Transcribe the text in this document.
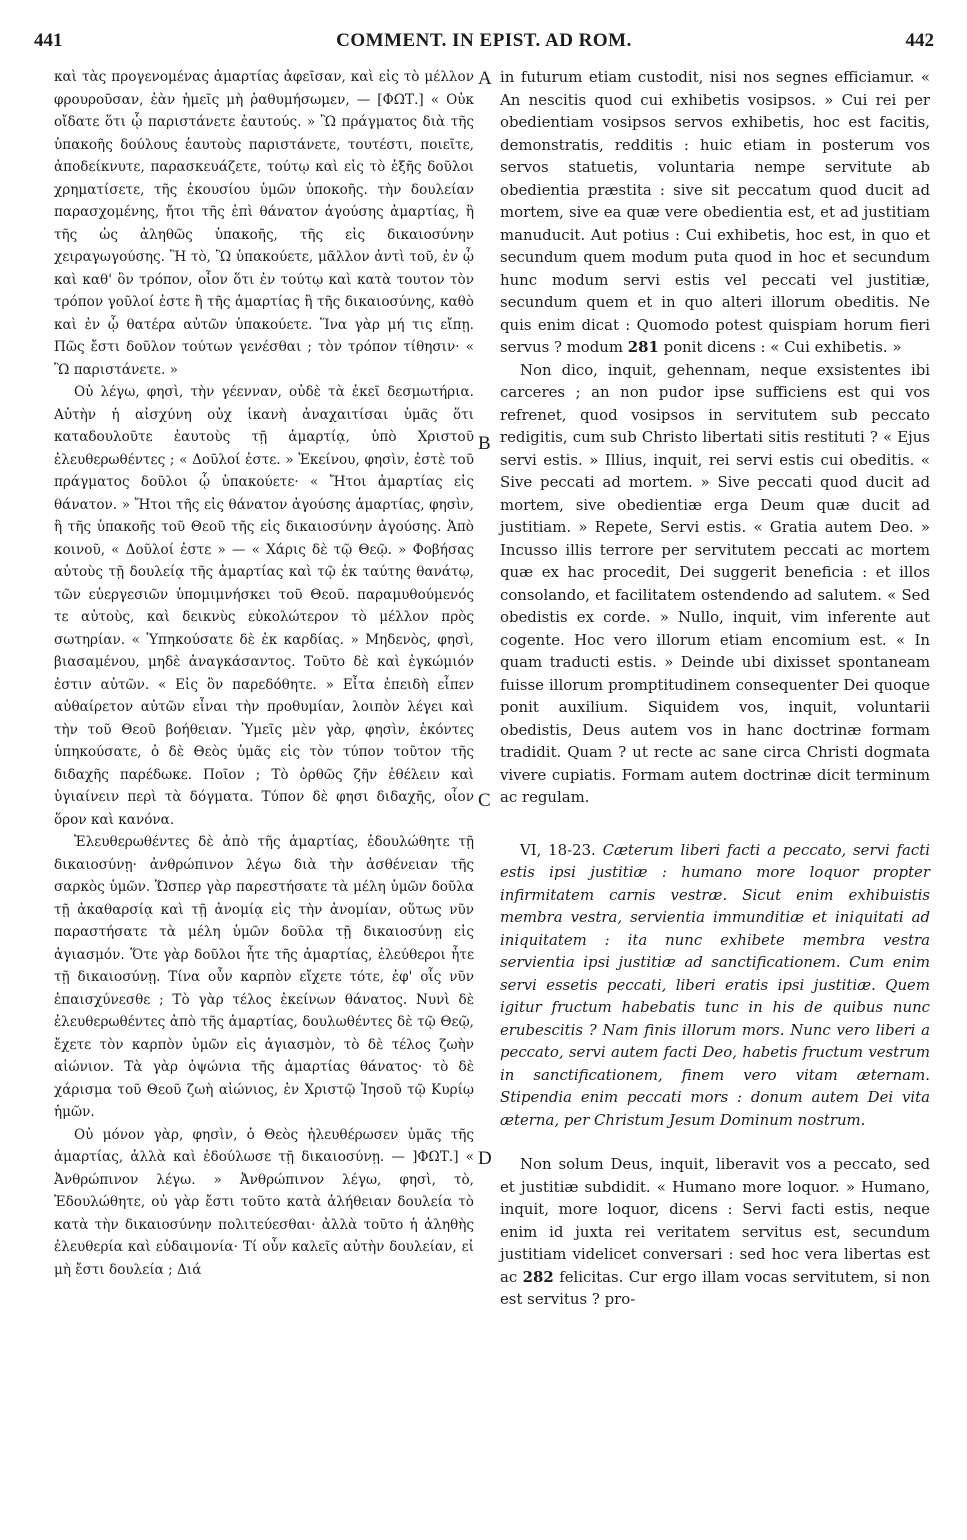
441	COMMENT. IN EPIST. AD ROM.	442
A
B
C
D

καὶ τὰς προγενομένας ἁμαρτίας ἀφεῖσαν, καὶ εἰς τὸ μέλλον φρουροῦσαν, ἐὰν ἡμεῖς μὴ ῥαθυμήσωμεν, — [ΦΩΤ.] « Οὐκ οἴδατε ὅτι ᾧ παριστάνετε ἑαυτούς. » Ὢ πράγματος διὰ τῆς ὑπακοῆς δούλους ἑαυτοὺς παριστάνετε, τουτέστι, ποιεῖτε, ἀποδείκνυτε, παρασκευάζετε, τούτῳ καὶ εἰς τὸ ἑξῆς δοῦλοι χρηματίσετε, τῆς ἑκουσίου ὑμῶν ὑποκοῆς. τὴν δουλείαν παρασχομένης, ἤτοι τῆς ἐπὶ θάνατον ἀγούσης ἁμαρτίας, ἢ τῆς ὡς ἀληθῶς ὑπακοῆς, τῆς εἰς δικαιοσύνην χειραγωγούσης. Ἢ τὸ, Ὢ ὑπακούετε, μᾶλλον ἀντὶ τοῦ, ἐν ᾧ καὶ καθ' ὃν τρόπον, οἷον ὅτι ἐν τούτῳ καὶ κατὰ τουτον τὸν τρόπον γοῦλοί ἐστε ἢ τῆς ἁμαρτίας ἢ τῆς δικαιοσύνης, καθὸ καὶ ἐν ᾧ θατέρα αὐτῶν ὑπακούετε. Ἵνα γὰρ μή τις εἴπῃ. Πῶς ἔστι δοῦλον τούτων γενέσθαι ; τὸν τρόπον τίθησιν· « Ὢ παριστάνετε. »

Οὐ λέγω, φησὶ, τὴν γέενναν, οὐδὲ τὰ ἐκεῖ δεσμωτήρια. Αὐτὴν ἡ αἰσχύνη οὐχ ἱκανὴ ἀναχαιτίσαι ὑμᾶς ὅτι καταδουλοῦτε ἑαυτοὺς τῇ ἁμαρτίᾳ, ὑπὸ Χριστοῦ ἐλευθερωθέντες ; « Δοῦλοί ἐστε. » Ἐκείνου, φησὶν, ἐστὲ τοῦ πράγματος δοῦλοι ᾧ ὑπακούετε· « Ἤτοι ἁμαρτίας εἰς θάνατον. » Ἤτοι τῆς εἰς θάνατον ἀγούσης ἁμαρτίας, φησὶν, ἢ τῆς ὑπακοῆς τοῦ Θεοῦ τῆς εἰς δικαιοσύνην ἀγούσης. Ἀπὸ κοινοῦ, « Δοῦλοί ἐστε » — « Χάρις δὲ τῷ Θεῷ. » Φοβήσας αὐτοὺς τῇ δουλείᾳ τῆς ἁμαρτίας καὶ τῷ ἐκ ταύτης θανάτῳ, τῶν εὐεργεσιῶν ὑπομιμνήσκει τοῦ Θεοῦ. παραμυθούμενός τε αὐτοὺς, καὶ δεικνὺς εὐκολώτερον τὸ μέλλον πρὸς σωτηρίαν. « Ὑπηκούσατε δὲ ἐκ καρδίας. » Μηδενὸς, φησὶ, βιασαμένου, μηδὲ ἀναγκάσαντος. Τοῦτο δὲ καὶ ἐγκώμιόν ἐστιν αὐτῶν. « Εἰς ὃν παρεδόθητε. » Εἶτα ἐπειδὴ εἶπεν αὐθαίρετον αὐτῶν εἶναι τὴν προθυμίαν, λοιπὸν λέγει καὶ τὴν τοῦ Θεοῦ βοήθειαν. Ὑμεῖς μὲν γὰρ, φησὶν, ἑκόντες ὑπηκούσατε, ὁ δὲ Θεὸς ὑμᾶς εἰς τὸν τύπον τοῦτον τῆς διδαχῆς παρέδωκε. Ποῖον ; Τὸ ὀρθῶς ζῆν ἐθέλειν καὶ ὑγιαίνειν περὶ τὰ δόγματα. Τύπον δὲ φησι διδαχῆς, οἷον ὅρον καὶ κανόνα.

Ἐλευθερωθέντες δὲ ἀπὸ τῆς ἁμαρτίας, ἐδουλώθητε τῇ δικαιοσύνῃ· ἀνθρώπινον λέγω διὰ τὴν ἀσθένειαν τῆς σαρκὸς ὑμῶν. Ὥσπερ γὰρ παρεστήσατε τὰ μέλη ὑμῶν δοῦλα τῇ ἀκαθαρσίᾳ καὶ τῇ ἀνομίᾳ εἰς τὴν ἀνομίαν, οὕτως νῦν παραστήσατε τὰ μέλη ὑμῶν δοῦλα τῇ δικαιοσύνῃ εἰς ἁγιασμόν. Ὅτε γὰρ δοῦλοι ἦτε τῆς ἁμαρτίας, ἐλεύθεροι ἦτε τῇ δικαιοσύνῃ. Τίνα οὖν καρπὸν εἴχετε τότε, ἐφ' οἷς νῦν ἐπαισχύνεσθε ; Τὸ γὰρ τέλος ἐκείνων θάνατος. Νυνὶ δὲ ἐλευθερωθέντες ἀπὸ τῆς ἁμαρτίας, δουλωθέντες δὲ τῷ Θεῷ, ἔχετε τὸν καρπὸν ὑμῶν εἰς ἁγιασμὸν, τὸ δὲ τέλος ζωὴν αἰώνιον. Τὰ γὰρ ὀψώνια τῆς ἁμαρτίας θάνατος· τὸ δὲ χάρισμα τοῦ Θεοῦ ζωὴ αἰώνιος, ἐν Χριστῷ Ἰησοῦ τῷ Κυρίῳ ἡμῶν.

Οὐ μόνον γὰρ, φησὶν, ὁ Θεὸς ἠλευθέρωσεν ὑμᾶς τῆς ἁμαρτίας, ἀλλὰ καὶ ἐδούλωσε τῇ δικαιοσύνῃ. — ]ΦΩΤ.] « Ἀνθρώπινον λέγω. » Ἀνθρώπινον λέγω, φησὶ, τὸ, Ἐδουλώθητε, οὐ γὰρ ἔστι τοῦτο κατὰ ἀλήθειαν δουλεία τὸ κατὰ τὴν δικαιοσύνην πολιτεύεσθαι· ἀλλὰ τοῦτο ἡ ἀληθὴς ἐλευθερία καὶ εὐδαιμονία· Τί οὖν καλεῖς αὐτὴν δουλείαν, εἰ μὴ ἔστι δουλεία ; Διά

in futurum etiam custodit, nisi nos segnes efficiamur. « An nescitis quod cui exhibetis vosipsos. » Cui rei per obedientiam vosipsos servos exhibetis, hoc est facitis, demonstratis, redditis : huic etiam in posterum vos servos statuetis, voluntaria nempe servitute ab obedientia præstita : sive sit peccatum quod ducit ad mortem, sive ea quæ vere obedientia est, et ad justitiam manuducit. Aut potius : Cui exhibetis, hoc est, in quo et secundum quem modum puta quod in hoc et secundum hunc modum servi estis vel peccati vel justitiæ, secundum quem et in quo alteri illorum obeditis. Ne quis enim dicat : Quomodo potest quispiam horum fieri servus ? modum 281 ponit dicens : « Cui exhibetis. »

Non dico, inquit, gehennam, neque exsistentes ibi carceres ; an non pudor ipse sufficiens est qui vos refrenet, quod vosipsos in servitutem sub peccato redigitis, cum sub Christo libertati sitis restituti ? « Ejus servi estis. » Illius, inquit, rei servi estis cui obeditis. « Sive peccati ad mortem. » Sive peccati quod ducit ad mortem, sive obedientiæ erga Deum quæ ducit ad justitiam. » Repete, Servi estis. « Gratia autem Deo. » Incusso illis terrore per servitutem peccati ac mortem quæ ex hac procedit, Dei suggerit beneficia : et illos consolando, et facilitatem ostendendo ad salutem. « Sed obedistis ex corde. » Nullo, inquit, vim inferente aut cogente. Hoc vero illorum etiam encomium est. « In quam traducti estis. » Deinde ubi dixisset spontaneam fuisse illorum promptitudinem consequenter Dei quoque ponit auxilium. Siquidem vos, inquit, voluntarii obedistis, Deus autem vos in hanc doctrinæ formam tradidit. Quam ? ut recte ac sane circa Christi dogmata vivere cupiatis. Formam autem doctrinæ dicit terminum ac regulam.

VI, 18-23. Cæterum liberi facti a peccato, servi facti estis ipsi justitiæ : humano more loquor propter infirmitatem carnis vestræ. Sicut enim exhibuistis membra vestra, servientia immunditiæ et iniquitati ad iniquitatem : ita nunc exhibete membra vestra servientia ipsi justitiæ ad sanctificationem. Cum enim servi essetis peccati, liberi eratis ipsi justitiæ. Quem igitur fructum habebatis tunc in his de quibus nunc erubescitis ? Nam finis illorum mors. Nunc vero liberi a peccato, servi autem facti Deo, habetis fructum vestrum in sanctificationem, finem vero vitam æternam. Stipendia enim peccati mors : donum autem Dei vita æterna, per Christum Jesum Dominum nostrum.

Non solum Deus, inquit, liberavit vos a peccato, sed et justitiæ subdidit. « Humano more loquor. » Humano, inquit, more loquor, dicens : Servi facti estis, neque enim id juxta rei veritatem servitus est, secundum justitiam videlicet conversari : sed hoc vera libertas est ac 282 felicitas. Cur ergo illam vocas servitutem, si non est servitus ? pro-
